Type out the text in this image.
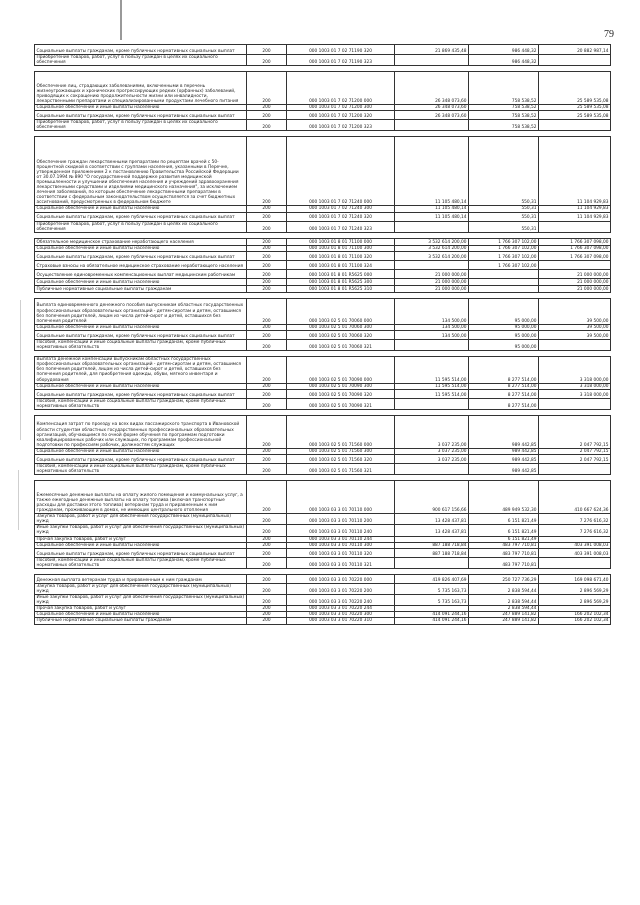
79
Социальные выплаты гражданам, кроме публичных нормативных социальных выплат	200	000 1003 01 7 02 71190 320	21 869 435,48	986 448,32	20 882 987,14
Приобретение товаров, работ, услуг в пользу граждан в целях их социального обеспечения	200	000 1003 01 7 02 71190 323		986 448,32	

Обеспечение лиц, страдающих заболеваниями, включенными в перечень жизнеугрожающих и хронических прогрессирующих редких (орфанных) заболеваний, приводящих к сокращению продолжительности жизни или инвалидности, лекарственными препаратами и специализированными продуктами лечебного питания	200	000 1003 01 7 02 71200 000	26 348 073,60	758 538,52	25 589 535,08
Социальное обеспечение и иные выплаты населению	200	000 1003 01 7 02 71200 300	26 348 073,60	758 538,52	25 589 535,08
Социальные выплаты гражданам, кроме публичных нормативных социальных выплат	200	000 1003 01 7 02 71200 320	26 348 073,60	758 538,52	25 589 535,08
Приобретение товаров, работ, услуг в пользу граждан в целях их социального обеспечения	200	000 1003 01 7 02 71200 323		758 538,52	

Обеспечение граждан лекарственными препаратами по рецептам врачей с 50-процентной скидкой в соответствии с группами населения, указанными в Перечне, утвержденном приложением 2 к постановлению Правительства Российской Федерации от 30.07.1994 № 890 "О государственной поддержке развития медицинской промышленности и улучшении обеспечения населения и учреждений здравоохранения лекарственными средствами и изделиями медицинского назначения", за исключением лечения заболеваний, по которым обеспечение лекарственными препаратами в соответствии с федеральным законодательством осуществляется за счет бюджетных ассигнований, предусмотренных в федеральном бюджете	200	000 1003 01 7 02 71240 000	11 105 480,14	550,31	11 104 929,83
Социальное обеспечение и иные выплаты населению	200	000 1003 01 7 02 71240 300	11 105 480,14	550,31	11 104 929,83
Социальные выплаты гражданам, кроме публичных нормативных социальных выплат	200	000 1003 01 7 02 71240 320	11 105 480,14	550,31	11 104 929,83
Приобретение товаров, работ, услуг в пользу граждан в целях их социального обеспечения	200	000 1003 01 7 02 71240 323		550,31	

Обязательное медицинское страхование неработающего населения	200	000 1003 01 8 01 71100 000	3 532 614 200,00	1 766 307 102,00	1 766 307 098,00
Социальное обеспечение и иные выплаты населению	200	000 1003 01 8 01 71100 300	3 532 614 200,00	1 766 307 102,00	1 766 307 098,00
Социальные выплаты гражданам, кроме публичных нормативных социальных выплат	200	000 1003 01 8 01 71100 320	3 532 614 200,00	1 766 307 102,00	1 766 307 098,00
Страховые взносы на обязательное медицинское страхование неработающего населения	200	000 1003 01 8 01 71100 324		1 766 307 102,00	
Осуществление единовременных компенсационных выплат медицинским работникам	200	000 1003 01 8 01 R5625 000	21 000 000,00		21 000 000,00
Социальное обеспечение и иные выплаты населению	200	000 1003 01 8 01 R5625 300	21 000 000,00		21 000 000,00
Публичные нормативные социальные выплаты гражданам	200	000 1003 01 8 01 R5625 310	21 000 000,00		21 000 000,00

Выплата единовременного денежного пособия выпускникам областных государственных профессиональных образовательных организаций - детям-сиротам и детям, оставшимся без попечения родителей, лицам из числа детей-сирот и детей, оставшихся без попечения родителей	200	000 1003 02 5 01 70060 000	134 500,00	95 000,00	39 500,00
Социальное обеспечение и иные выплаты населению	200	000 1003 02 5 01 70060 300	134 500,00	95 000,00	39 500,00
Социальные выплаты гражданам, кроме публичных нормативных социальных выплат	200	000 1003 02 5 01 70060 320	134 500,00	95 000,00	39 500,00
Пособия, компенсации и иные социальные выплаты гражданам, кроме публичных нормативных обязательств	200	000 1003 02 5 01 70060 321		95 000,00	

Выплата денежной компенсации выпускникам областных государственных профессиональных образовательных организаций - детям-сиротам и детям, оставшимся без попечения родителей, лицам из числа детей-сирот и детей, оставшихся без попечения родителей, для приобретения одежды, обуви, мягкого инвентаря и оборудования	200	000 1003 02 5 01 70090 000	11 595 514,00	8 277 514,00	3 318 000,00
Социальное обеспечение и иные выплаты населению	200	000 1003 02 5 01 70090 300	11 595 514,00	8 277 514,00	3 318 000,00
Социальные выплаты гражданам, кроме публичных нормативных социальных выплат	200	000 1003 02 5 01 70090 320	11 595 514,00	8 277 514,00	3 318 000,00
Пособия, компенсации и иные социальные выплаты гражданам, кроме публичных нормативных обязательств	200	000 1003 02 5 01 70090 321		8 277 514,00	

Компенсация затрат по проезду на всех видах пассажирского транспорта в Ивановской области студентам областных государственных профессиональных образовательных организаций, обучающимся по очной форме обучения по программам подготовки квалифицированных рабочих или служащих, по программам профессиональной подготовки по профессиям рабочих, должностям служащих	200	000 1003 02 5 01 71560 000	3 037 235,00	989 442,85	2 047 792,15
Социальное обеспечение и иные выплаты населению	200	000 1003 02 5 01 71560 300	3 037 235,00	989 442,85	2 047 792,15
Социальные выплаты гражданам, кроме публичных нормативных социальных выплат	200	000 1003 02 5 01 71560 320	3 037 235,00	989 442,85	2 047 792,15
Пособия, компенсации и иные социальные выплаты гражданам, кроме публичных нормативных обязательств	200	000 1003 02 5 01 71560 321		989 442,85	

Ежемесячные денежные выплаты на оплату жилого помещения и коммунальных услуг, а также ежегодные денежные выплаты на оплату топлива (включая транспортные расходы для доставки этого топлива) ветеранам труда и приравненным к ним гражданам, проживающим в домах, не имеющих центрального отопления	200	000 1003 03 3 01 70110 000	900 617 156,66	489 949 532,30	410 667 624,36
Закупка товаров, работ и услуг для обеспечения государственных (муниципальных) нужд	200	000 1003 03 3 01 70110 200	13 428 437,81	6 151 821,49	7 276 616,32
Иные закупки товаров, работ и услуг для обеспечения государственных (муниципальных) нужд	200	000 1003 03 3 01 70110 240	13 428 437,81	6 151 821,49	7 276 616,32
Прочая закупка товаров, работ и услуг	200	000 1003 03 3 01 70110 244		6 151 821,49	
Социальное обеспечение и иные выплаты населению	200	000 1003 03 3 01 70110 300	887 188 718,84	483 797 710,81	403 391 008,03
Социальные выплаты гражданам, кроме публичных нормативных социальных выплат	200	000 1003 03 3 01 70110 320	887 188 718,84	483 797 710,81	403 391 008,03
Пособия, компенсации и иные социальные выплаты гражданам, кроме публичных нормативных обязательств	200	000 1003 03 3 01 70110 321		483 797 710,81	

Денежная выплата ветеранам труда и приравненным к ним гражданам	200	000 1003 03 3 01 70220 000	419 826 407,69	250 727 736,29	169 098 671,40
Закупка товаров, работ и услуг для обеспечения государственных (муниципальных) нужд	200	000 1003 03 3 01 70220 200	5 735 163,73	2 838 594,44	2 896 569,29
Иные закупки товаров, работ и услуг для обеспечения государственных (муниципальных) нужд	200	000 1003 03 3 01 70220 240	5 735 163,73	2 838 594,44	2 896 569,29
Прочая закупка товаров, работ и услуг	200	000 1003 03 3 01 70220 244		2 838 594,44	
Социальное обеспечение и иные выплаты населению	200	000 1003 03 3 01 70220 300	414 091 244,16	247 889 141,82	166 202 102,34
Публичные нормативные социальные выплаты гражданам	200	000 1003 03 3 01 70220 310	414 091 244,16	247 889 141,82	166 202 102,34
